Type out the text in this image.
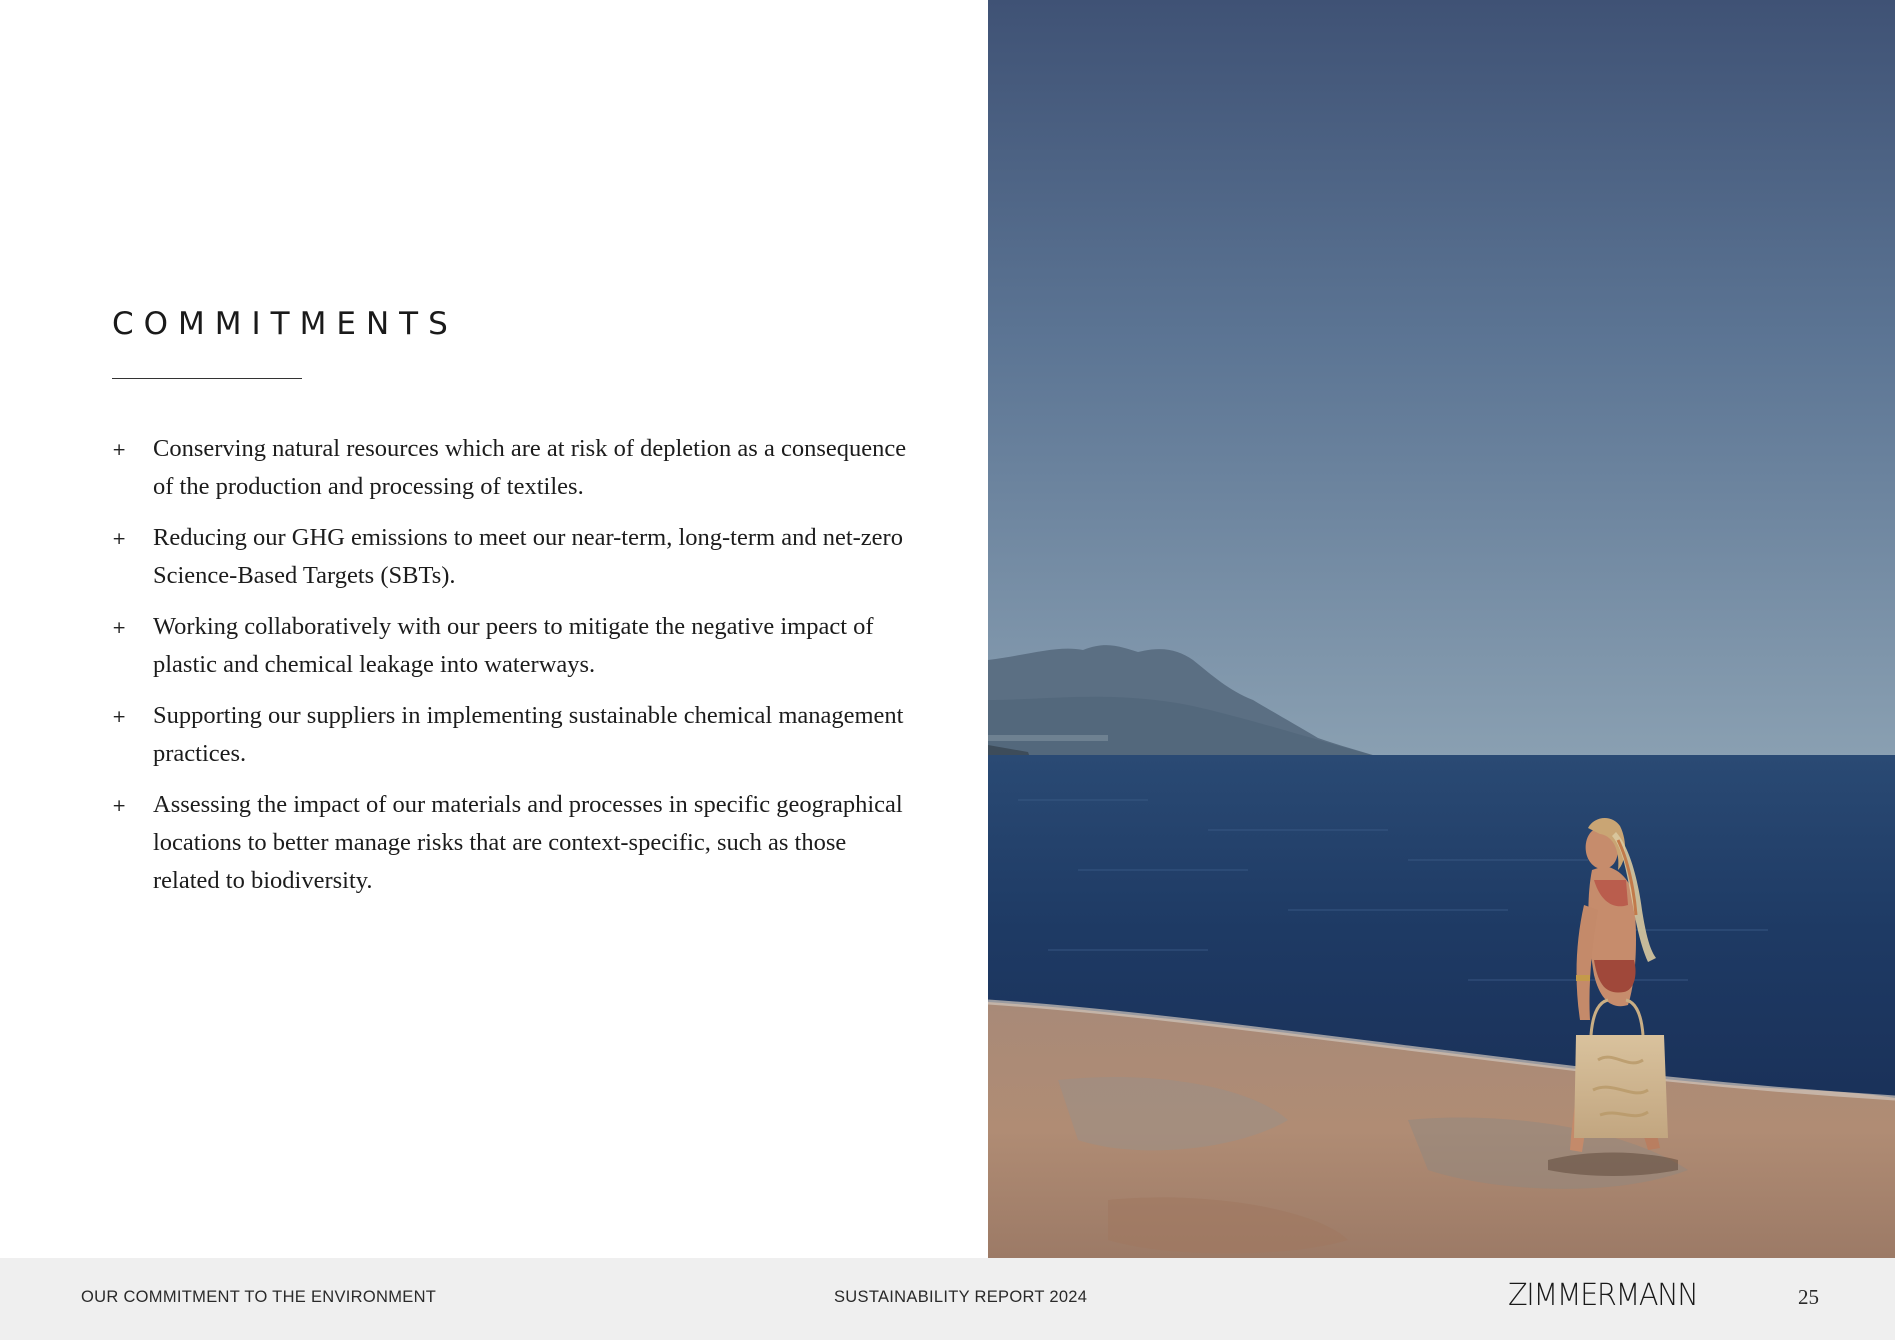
COMMITMENTS
+ Conserving natural resources which are at risk of depletion as a consequence of the production and processing of textiles.
+ Reducing our GHG emissions to meet our near-term, long-term and net-zero Science-Based Targets (SBTs).
+ Working collaboratively with our peers to mitigate the negative impact of plastic and chemical leakage into waterways.
+ Supporting our suppliers in implementing sustainable chemical management practices.
+ Assessing the impact of our materials and processes in specific geographical locations to better manage risks that are context-specific, such as those related to biodiversity.
OUR COMMITMENT TO THE ENVIRONMENT	SUSTAINABILITY REPORT 2024	ZIMMERMANN	25
